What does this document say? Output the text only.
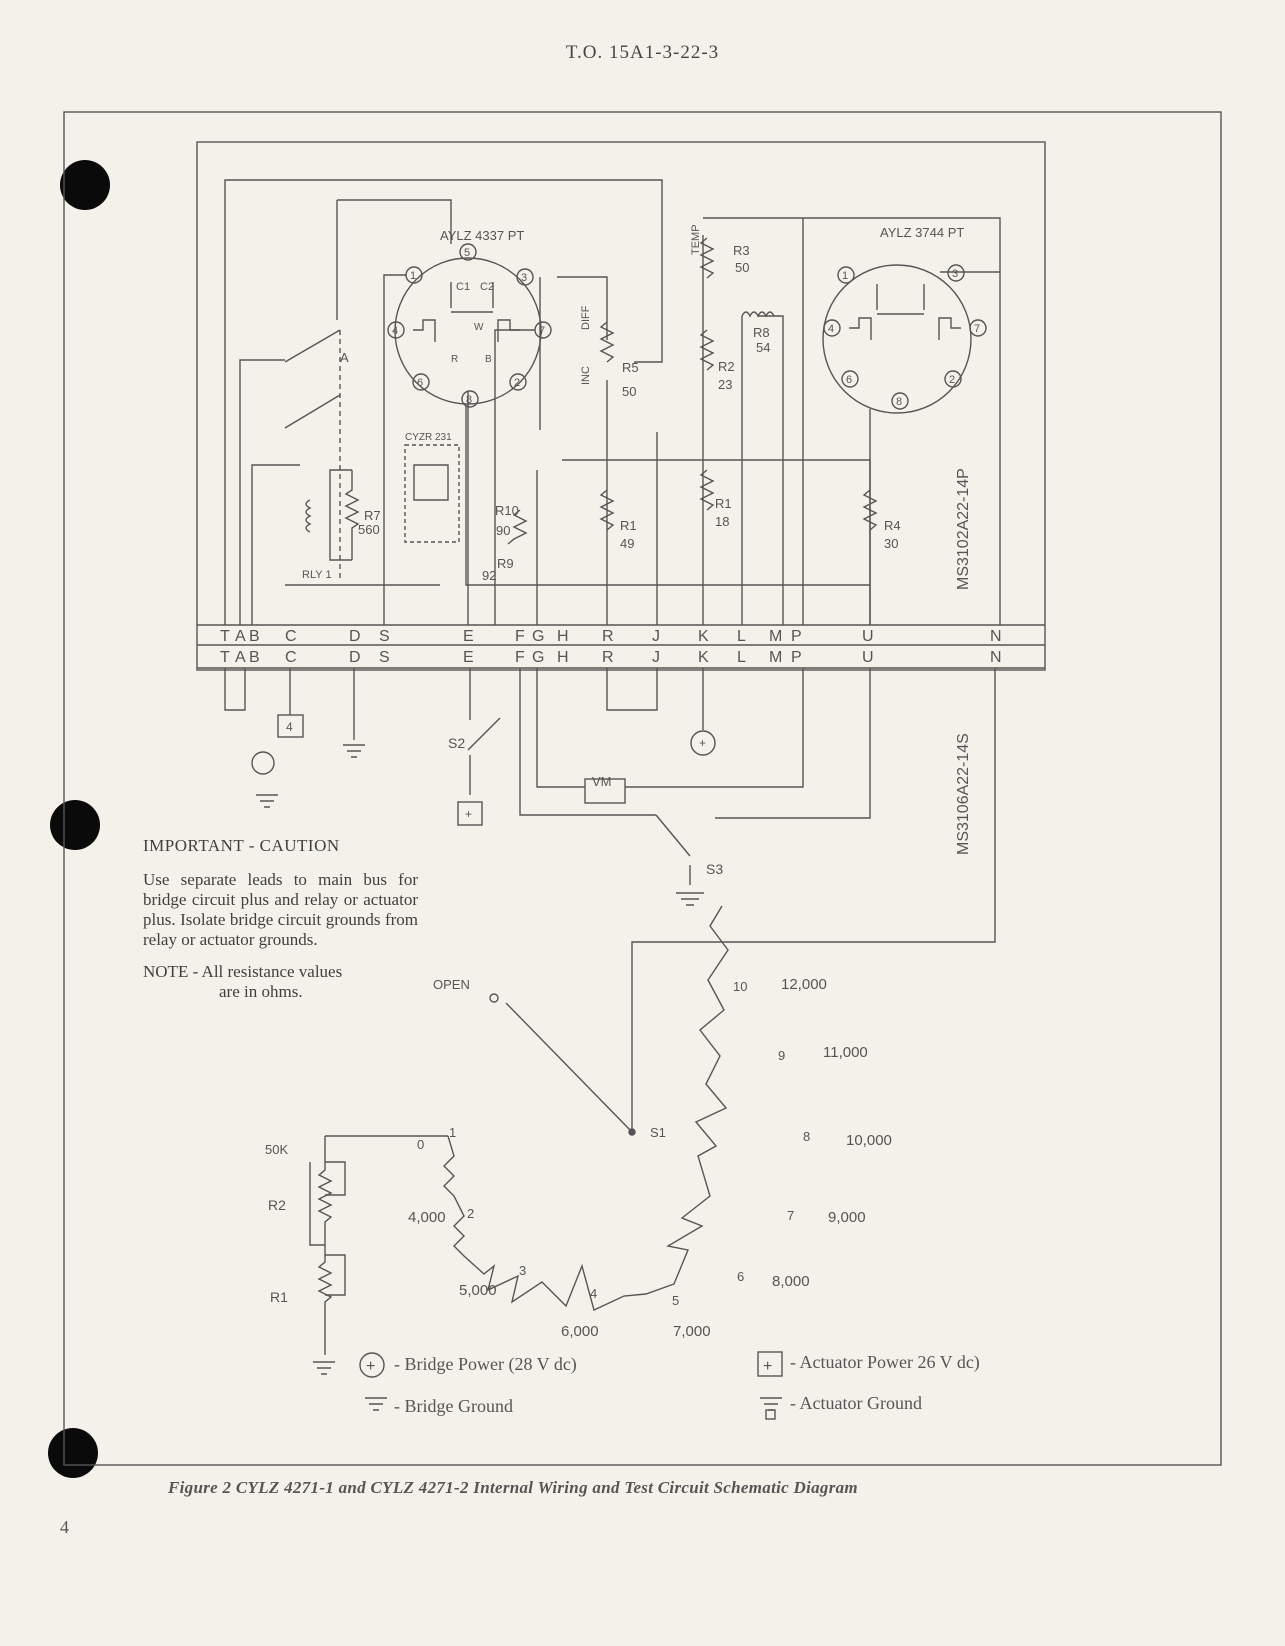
T.O. 15A1-3-22-3
AYLZ 4337 PT	AYLZ 3744 PT
CYZR 231
RLY 1
A
VM
S2
S3
S1
4
+
+
C1 C2
W
R	B
TEMP
DIFF
INC
R3
50
R8
54
R5
50
R2
23
R7
560
R10
90
R9
92
R1
49
R1
18	R4
30
5
1	3
4	7
6	2
8
1	3
4	7
6	2
8
MS3102A22-14P
MS3106A22-14S
OPEN
50K
R2
R1
0
1
2
3
4	5
6
7
8
9
10
4,000
5,000
6,000	7,000
8,000
9,000
10,000
11,000
12,000
+	+
T A B C	D S	E	F G H R J K L M P	U	N
T A B C	D S	E	F G H R J K L M P	U	N
IMPORTANT - CAUTION
Use separate leads to main bus for bridge circuit plus and relay or actuator plus. Isolate bridge circuit grounds from relay or actuator grounds.
NOTE - All resistance values
are in ohms.
- Bridge Power (28 V dc)
- Bridge Ground
- Actuator Power 26 V dc)
- Actuator Ground
Figure 2 CYLZ 4271-1 and CYLZ 4271-2 Internal Wiring and Test Circuit Schematic Diagram
4
